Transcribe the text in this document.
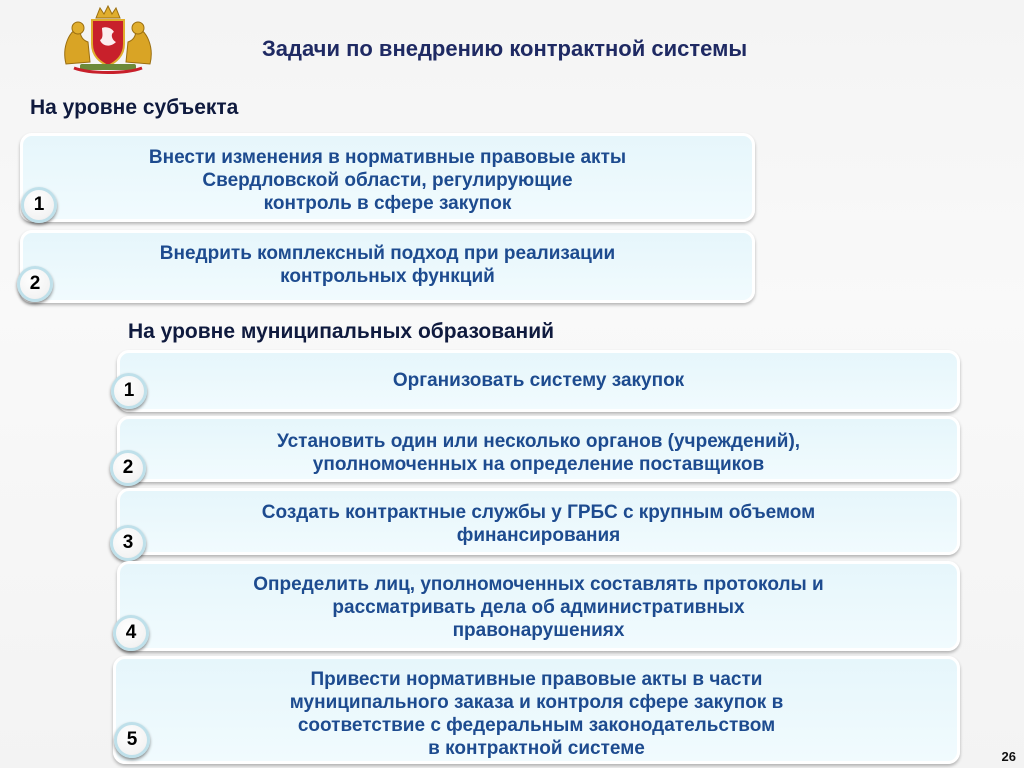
Задачи по внедрению контрактной системы
На уровне субъекта

Внести изменения в нормативные правовые акты
Свердловской области, регулирующие
контроль в сфере закупок

1

Внедрить комплексный подход при реализации
контрольных функций

2
На уровне муниципальных образований

Организовать систему закупок

1

Установить один или несколько органов (учреждений),
уполномоченных на определение поставщиков

2

Создать контрактные службы у ГРБС с крупным объемом
финансирования

3

Определить лиц, уполномоченных составлять протоколы и
рассматривать дела об административных
правонарушениях

4

Привести нормативные правовые акты в части
муниципального заказа и контроля сфере закупок в
соответствие с федеральным законодательством
в контрактной системе

5
26
